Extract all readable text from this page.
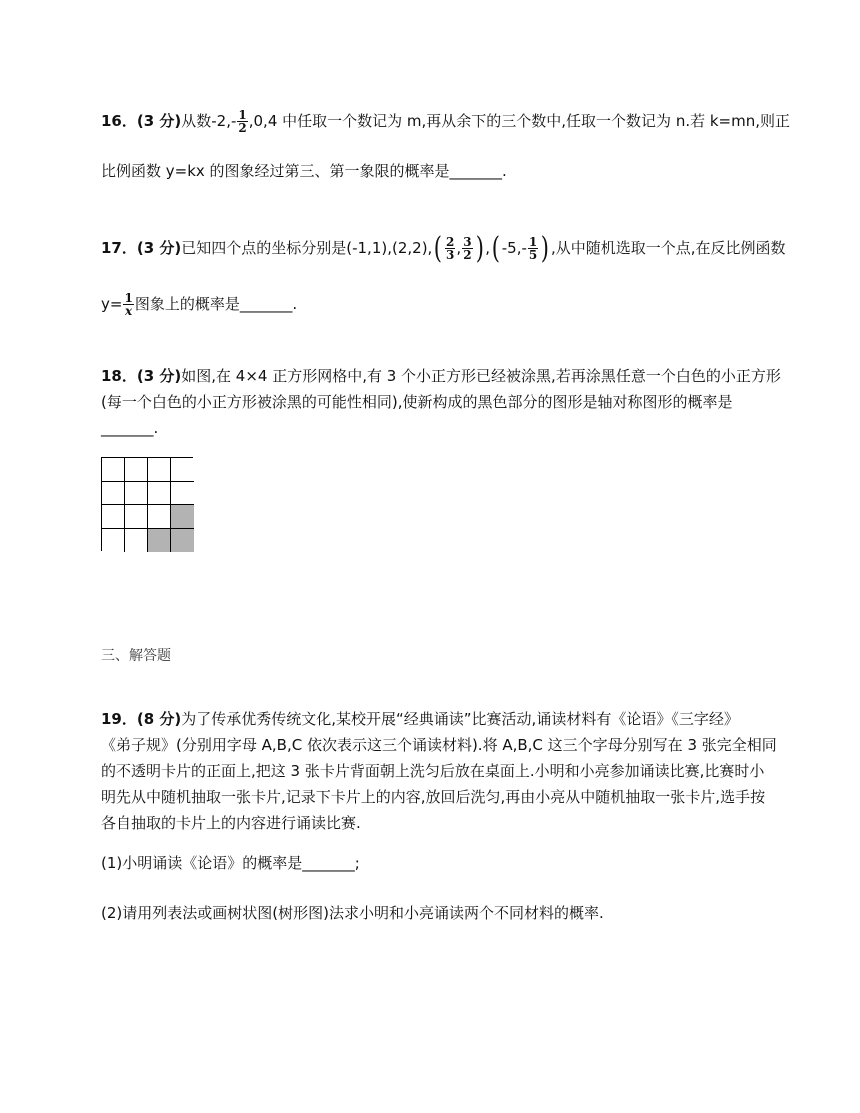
16．(3 分)从数$-2,- \frac{1}{2} ,0,4$ 中任取一个数记为 m,再从余下的三个数中,任取一个数记为 n.若 k=mn,则正
比例函数 y=kx 的图象经过第三、第一象限的概率是_______.
17．(3 分)已知四个点的坐标分别是$(-1,1),(2,2),( \frac{2}{3}$ , $\frac{3}{2}$ ) ,( $-5,- \frac{1}{5}$ ) ,从中随机选取一个点,在反比例函数
$y= \frac{1}{x}$ 图象上的概率是_______.
18．(3 分)如图,在 4×4 正方形网格中,有 3 个小正方形已经被涂黑,若再涂黑任意一个白色的小正方形
(每一个白色的小正方形被涂黑的可能性相同),使新构成的黑色部分的图形是轴对称图形的概率是
_______.
三、解答题
19．(8 分)为了传承优秀传统文化,某校开展“经典诵读”比赛活动,诵读材料有《论语》《三字经》
《弟子规》(分别用字母 A,B,C 依次表示这三个诵读材料).将 A,B,C 这三个字母分别写在 3 张完全相同
的不透明卡片的正面上,把这 3 张卡片背面朝上洗匀后放在桌面上.小明和小亮参加诵读比赛,比赛时小
明先从中随机抽取一张卡片,记录下卡片上的内容,放回后洗匀,再由小亮从中随机抽取一张卡片,选手按
各自抽取的卡片上的内容进行诵读比赛.
(1)小明诵读《论语》的概率是_______;
(2)请用列表法或画树状图(树形图)法求小明和小亮诵读两个不同材料的概率.
